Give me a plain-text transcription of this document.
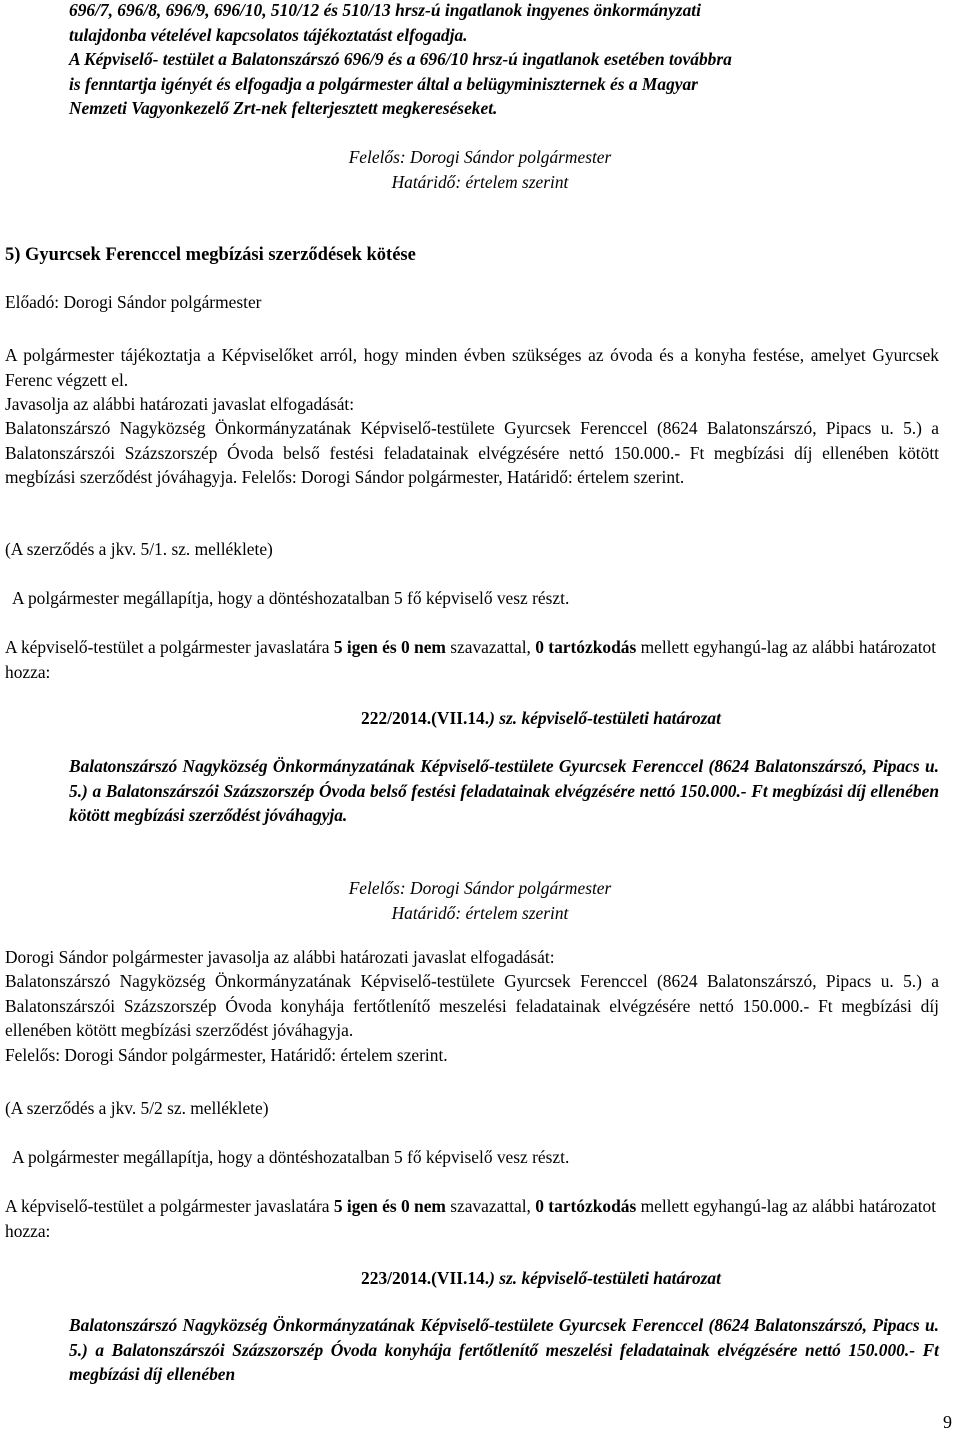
696/7, 696/8, 696/9, 696/10, 510/12 és 510/13 hrsz-ú ingatlanok ingyenes önkormányzati

tulajdonba vételével kapcsolatos tájékoztatást elfogadja.

A Képviselő- testület a Balatonszárszó 696/9 és a 696/10 hrsz-ú ingatlanok esetében továbbra

is fenntartja igényét és elfogadja a polgármester által a belügyminiszternek és a Magyar

Nemzeti Vagyonkezelő Zrt-nek felterjesztett megkereséseket.

Felelős: Dorogi Sándor polgármester

Határidő: értelem szerint

5) Gyurcsek Ferenccel megbízási szerződések kötése
Előadó: Dorogi Sándor polgármester
A polgármester tájékoztatja a Képviselőket arról, hogy minden évben szükséges az óvoda és a konyha festése, amelyet Gyurcsek Ferenc végzett el.
Javasolja az alábbi határozati javaslat elfogadását:
Balatonszárszó Nagyközség Önkormányzatának Képviselő-testülete Gyurcsek Ferenccel (8624 Balatonszárszó, Pipacs u. 5.) a Balatonszárszói Százszorszép Óvoda belső festési feladatainak elvégzésére nettó 150.000.- Ft megbízási díj ellenében kötött megbízási szerződést jóváhagyja. Felelős: Dorogi Sándor polgármester, Határidő: értelem szerint.
(A szerződés a jkv. 5/1. sz. melléklete)
A polgármester megállapítja, hogy a döntéshozatalban 5 fő képviselő vesz részt.
A képviselő-testület a polgármester javaslatára 5 igen és 0 nem szavazattal, 0 tartózkodás mellett egyhangú-lag az alábbi határozatot hozza:
222/2014.(VII.14.) sz. képviselő-testületi határozat
Balatonszárszó Nagyközség Önkormányzatának Képviselő-testülete Gyurcsek Ferenccel (8624 Balatonszárszó, Pipacs u. 5.) a Balatonszárszói Százszorszép Óvoda belső festési feladatainak elvégzésére nettó 150.000.- Ft megbízási díj ellenében kötött megbízási szerződést jóváhagyja.

Felelős: Dorogi Sándor polgármester

Határidő: értelem szerint

Dorogi Sándor polgármester javasolja az alábbi határozati javaslat elfogadását:
Balatonszárszó Nagyközség Önkormányzatának Képviselő-testülete Gyurcsek Ferenccel (8624 Balatonszárszó, Pipacs u. 5.) a Balatonszárszói Százszorszép Óvoda konyhája fertőtlenítő meszelési feladatainak elvégzésére nettó 150.000.- Ft megbízási díj ellenében kötött megbízási szerződést jóváhagyja.
Felelős: Dorogi Sándor polgármester, Határidő: értelem szerint.
(A szerződés a jkv. 5/2 sz. melléklete)
A polgármester megállapítja, hogy a döntéshozatalban 5 fő képviselő vesz részt.
A képviselő-testület a polgármester javaslatára 5 igen és 0 nem szavazattal, 0 tartózkodás mellett egyhangú-lag az alábbi határozatot hozza:
223/2014.(VII.14.) sz. képviselő-testületi határozat
Balatonszárszó Nagyközség Önkormányzatának Képviselő-testülete Gyurcsek Ferenccel (8624 Balatonszárszó, Pipacs u. 5.) a Balatonszárszói Százszorszép Óvoda konyhája fertőtlenítő meszelési feladatainak elvégzésére nettó 150.000.- Ft megbízási díj ellenében
9
